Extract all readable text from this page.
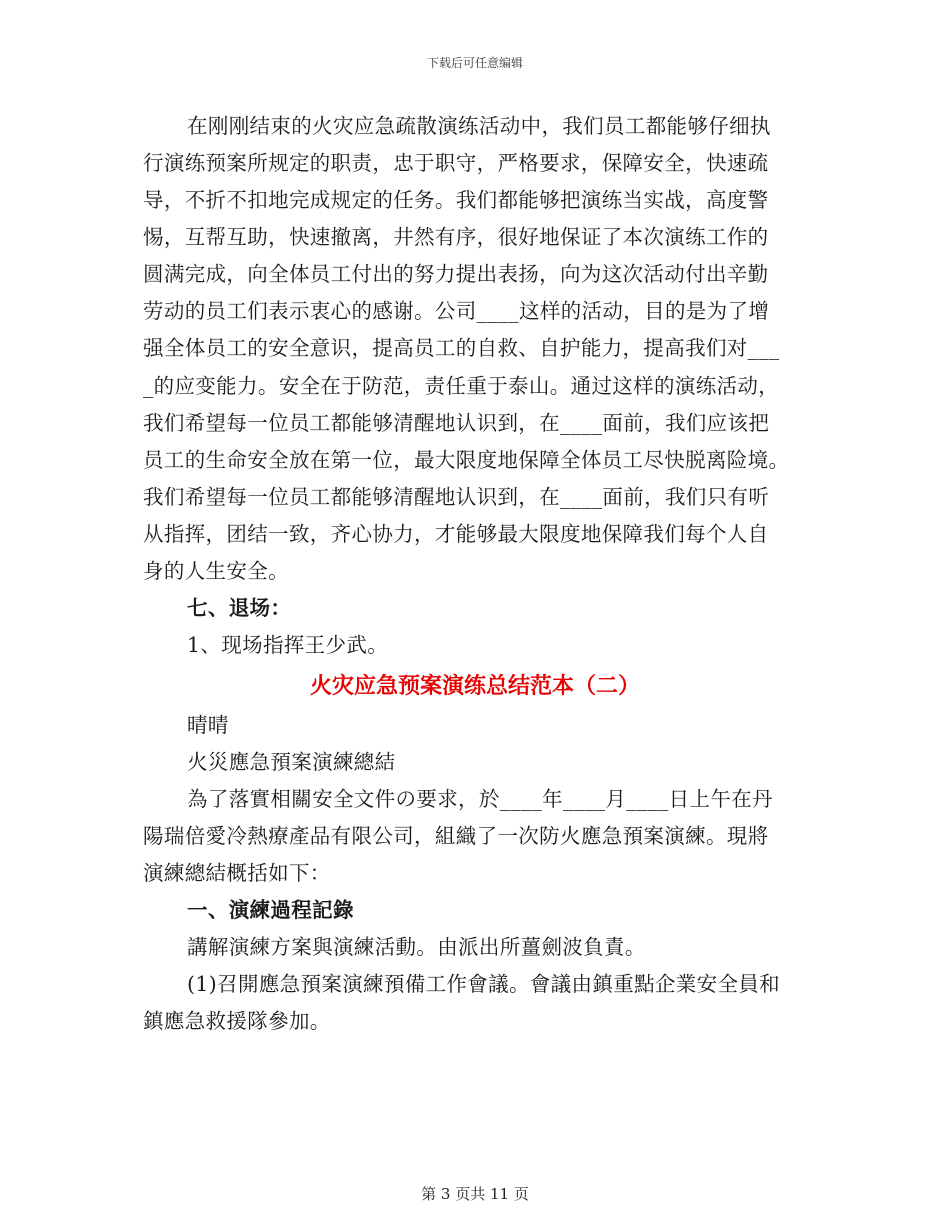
下载后可任意编辑
在刚刚结束的火灾应急疏散演练活动中，我们员工都能够仔细执
行演练预案所规定的职责，忠于职守，严格要求，保障安全，快速疏
导，不折不扣地完成规定的任务。我们都能够把演练当实战，高度警
惕，互帮互助，快速撤离，井然有序，很好地保证了本次演练工作的
圆满完成，向全体员工付出的努力提出表扬，向为这次活动付出辛勤
劳动的员工们表示衷心的感谢。公司____这样的活动，目的是为了增
强全体员工的安全意识，提高员工的自救、自护能力，提高我们对___
_的应变能力。安全在于防范，责任重于泰山。通过这样的演练活动，
我们希望每一位员工都能够清醒地认识到，在____面前，我们应该把
员工的生命安全放在第一位，最大限度地保障全体员工尽快脱离险境。
我们希望每一位员工都能够清醒地认识到，在____面前，我们只有听
从指挥，团结一致，齐心协力，才能够最大限度地保障我们每个人自
身的人生安全。
七、退场：
1、现场指挥王少武。
火灾应急预案演练总结范本（二）
晴晴
火災應急預案演練總結
為了落實相關安全文件の要求，於____年____月____日上午在丹
陽瑞倍愛冷熱療產品有限公司，組織了一次防火應急預案演練。現將
演練總結概括如下：
一、演練過程記錄
講解演練方案與演練活動。由派出所薑劍波負責。
(1)召開應急預案演練預備工作會議。會議由鎮重點企業安全員和
鎮應急救援隊參加。
第 3 页共 11 页
